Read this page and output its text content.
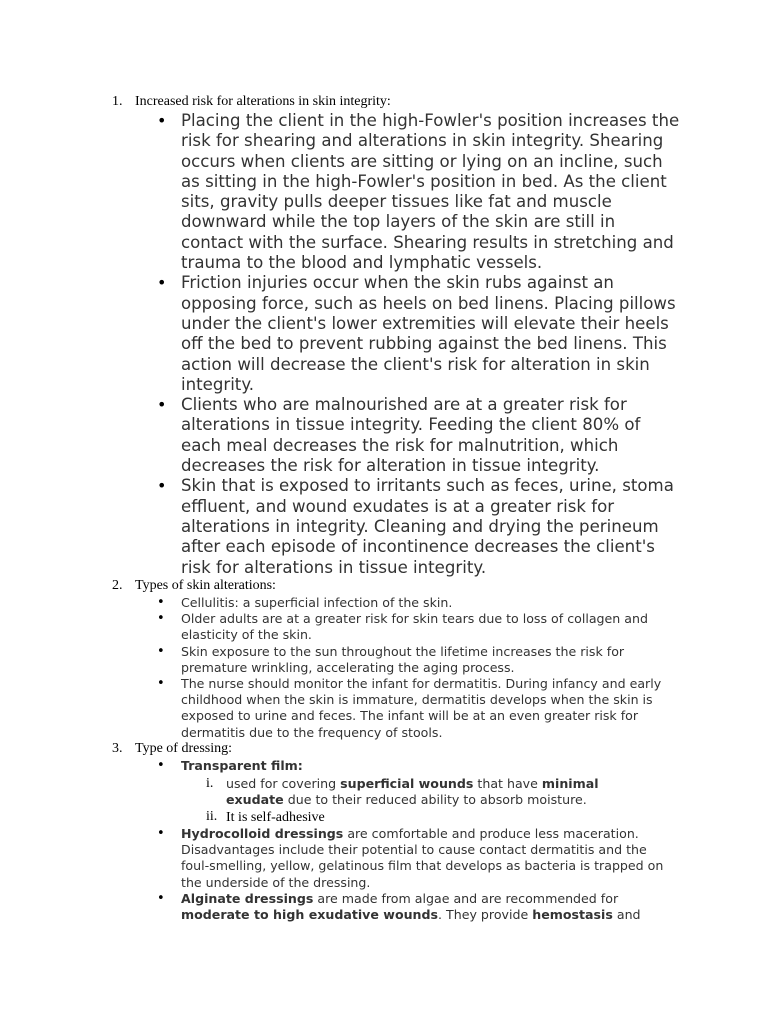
1. Increased risk for alterations in skin integrity:
• Placing the client in the high-Fowler's position increases the risk for shearing and alterations in skin integrity. Shearing occurs when clients are sitting or lying on an incline, such as sitting in the high-Fowler's position in bed. As the client sits, gravity pulls deeper tissues like fat and muscle downward while the top layers of the skin are still in contact with the surface. Shearing results in stretching and trauma to the blood and lymphatic vessels.
• Friction injuries occur when the skin rubs against an opposing force, such as heels on bed linens. Placing pillows under the client's lower extremities will elevate their heels off the bed to prevent rubbing against the bed linens. This action will decrease the client's risk for alteration in skin integrity.
• Clients who are malnourished are at a greater risk for alterations in tissue integrity. Feeding the client 80% of each meal decreases the risk for malnutrition, which decreases the risk for alteration in tissue integrity.
• Skin that is exposed to irritants such as feces, urine, stoma effluent, and wound exudates is at a greater risk for alterations in integrity. Cleaning and drying the perineum after each episode of incontinence decreases the client's risk for alterations in tissue integrity.
2. Types of skin alterations:
• Cellulitis: a superficial infection of the skin.
• Older adults are at a greater risk for skin tears due to loss of collagen and elasticity of the skin.
• Skin exposure to the sun throughout the lifetime increases the risk for premature wrinkling, accelerating the aging process.
• The nurse should monitor the infant for dermatitis. During infancy and early childhood when the skin is immature, dermatitis develops when the skin is exposed to urine and feces. The infant will be at an even greater risk for dermatitis due to the frequency of stools.
3. Type of dressing:
• Transparent film:
i.	used for covering superficial wounds that have minimal exudate due to their reduced ability to absorb moisture.
ii. It is self-adhesive
• Hydrocolloid dressings are comfortable and produce less maceration. Disadvantages include their potential to cause contact dermatitis and the foul-smelling, yellow, gelatinous film that develops as bacteria is trapped on the underside of the dressing.
• Alginate dressings are made from algae and are recommended for moderate to high exudative wounds. They provide hemostasis and
